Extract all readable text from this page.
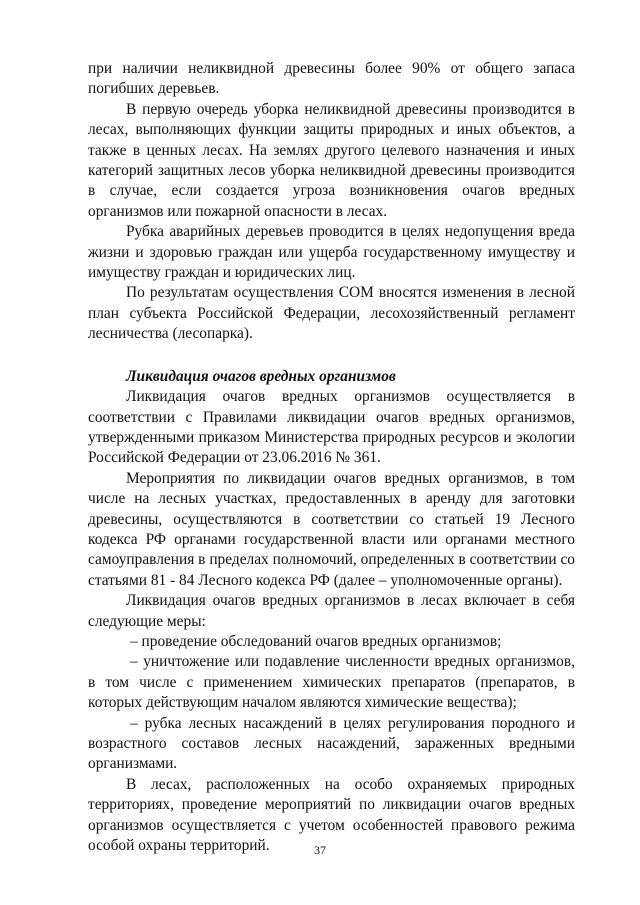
при наличии неликвидной древесины более 90% от общего запаса погибших деревьев.

В первую очередь уборка неликвидной древесины производится в лесах, выполняющих функции защиты природных и иных объектов, а также в ценных лесах. На землях другого целевого назначения и иных категорий защитных лесов уборка неликвидной древесины производится в случае, если создается угроза возникновения очагов вредных организмов или пожарной опасности в лесах.

Рубка аварийных деревьев проводится в целях недопущения вреда жизни и здоровью граждан или ущерба государственному имуществу и имуществу граждан и юридических лиц.

По результатам осуществления СОМ вносятся изменения в лесной план субъекта Российской Федерации, лесохозяйственный регламент лесничества (лесопарка).

Ликвидация очагов вредных организмов

Ликвидация очагов вредных организмов осуществляется в соответствии с Правилами ликвидации очагов вредных организмов, утвержденными приказом Министерства природных ресурсов и экологии Российской Федерации от 23.06.2016 № 361.

Мероприятия по ликвидации очагов вредных организмов, в том числе на лесных участках, предоставленных в аренду для заготовки древесины, осуществляются в соответствии со статьей 19 Лесного кодекса РФ органами государственной власти или органами местного самоуправления в пределах полномочий, определенных в соответствии со статьями 81 - 84 Лесного кодекса РФ (далее – уполномоченные органы).

Ликвидация очагов вредных организмов в лесах включает в себя следующие меры:

– проведение обследований очагов вредных организмов;

– уничтожение или подавление численности вредных организмов, в том числе с применением химических препаратов (препаратов, в которых действующим началом являются химические вещества);

– рубка лесных насаждений в целях регулирования породного и возрастного составов лесных насаждений, зараженных вредными организмами.

В лесах, расположенных на особо охраняемых природных территориях, проведение мероприятий по ликвидации очагов вредных организмов осуществляется с учетом особенностей правового режима особой охраны территорий.	37
